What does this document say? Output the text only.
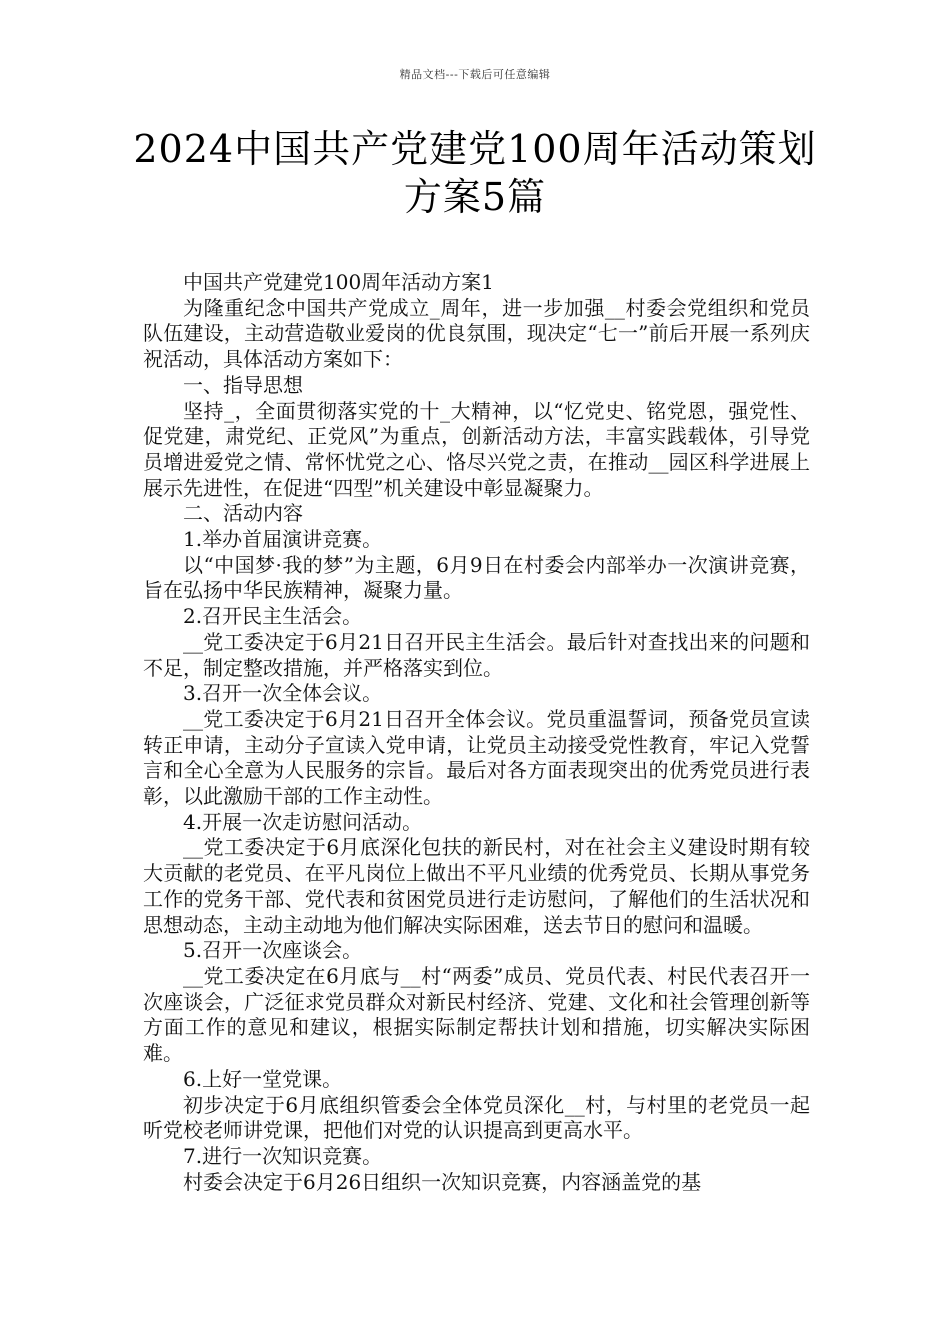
精品文档---下载后可任意编辑
2024中国共产党建党100周年活动策划方案5篇

中国共产党建党100周年活动方案1

为隆重纪念中国共产党成立_周年，进一步加强__村委会党组织和党员队伍建设，主动营造敬业爱岗的优良氛围，现决定“七一”前后开展一系列庆祝活动，具体活动方案如下：

一、指导思想

坚持_，全面贯彻落实党的十_大精神，以“忆党史、铭党恩，强党性、促党建，肃党纪、正党风”为重点，创新活动方法，丰富实践载体，引导党员增进爱党之情、常怀忧党之心、恪尽兴党之责，在推动__园区科学进展上展示先进性，在促进“四型”机关建设中彰显凝聚力。

二、活动内容

1.举办首届演讲竞赛。

以“中国梦·我的梦”为主题，6月9日在村委会内部举办一次演讲竞赛，旨在弘扬中华民族精神，凝聚力量。

2.召开民主生活会。

__党工委决定于6月21日召开民主生活会。最后针对查找出来的问题和不足，制定整改措施，并严格落实到位。

3.召开一次全体会议。

__党工委决定于6月21日召开全体会议。党员重温誓词，预备党员宣读转正申请，主动分子宣读入党申请，让党员主动接受党性教育，牢记入党誓言和全心全意为人民服务的宗旨。最后对各方面表现突出的优秀党员进行表彰，以此激励干部的工作主动性。

4.开展一次走访慰问活动。

__党工委决定于6月底深化包扶的新民村，对在社会主义建设时期有较大贡献的老党员、在平凡岗位上做出不平凡业绩的优秀党员、长期从事党务工作的党务干部、党代表和贫困党员进行走访慰问，了解他们的生活状况和思想动态，主动主动地为他们解决实际困难，送去节日的慰问和温暖。

5.召开一次座谈会。

__党工委决定在6月底与__村“两委”成员、党员代表、村民代表召开一次座谈会，广泛征求党员群众对新民村经济、党建、文化和社会管理创新等方面工作的意见和建议，根据实际制定帮扶计划和措施，切实解决实际困难。

6.上好一堂党课。

初步决定于6月底组织管委会全体党员深化__村，与村里的老党员一起听党校老师讲党课，把他们对党的认识提高到更高水平。

7.进行一次知识竞赛。

村委会决定于6月26日组织一次知识竞赛，内容涵盖党的基
